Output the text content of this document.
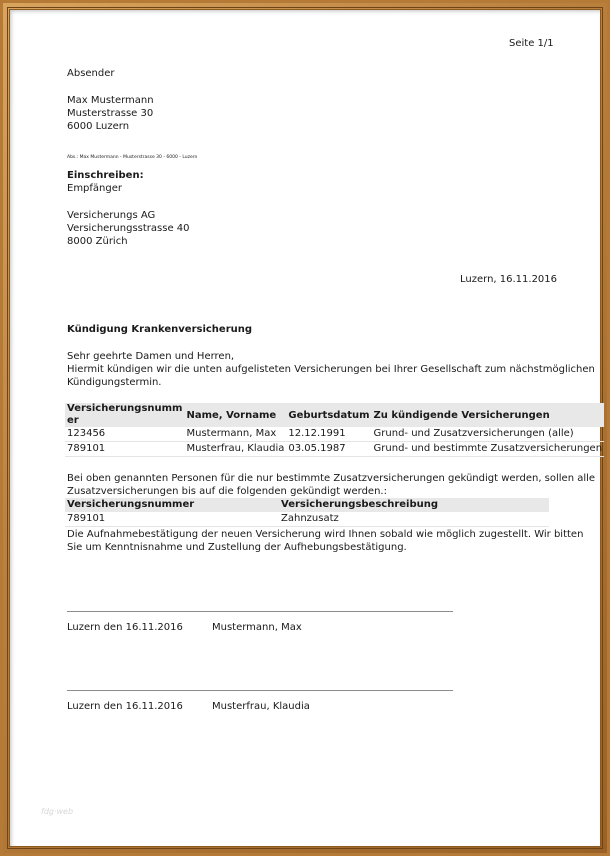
Seite 1/1
Absender
Max Mustermann
Musterstrasse 30
6000 Luzern
Abs.: Max Mustermann - Musterstrasse 30 - 6000 - Luzern
Einschreiben:
Empfänger
Versicherungs AG
Versicherungsstrasse 40
8000 Zürich
Luzern, 16.11.2016
Kündigung Krankenversicherung
Sehr geehrte Damen und Herren,
Hiermit kündigen wir die unten aufgelisteten Versicherungen bei Ihrer Gesellschaft zum nächstmöglichen
Kündigungstermin.
Versicherungsnumm
er	Name, Vorname	Geburtsdatum	Zu kündigende Versicherungen
123456	Mustermann, Max	12.12.1991	Grund- und Zusatzversicherungen (alle)
789101	Musterfrau, Klaudia	03.05.1987	Grund- und bestimmte Zusatzversicherungen
Bei oben genannten Personen für die nur bestimmte Zusatzversicherungen gekündigt werden, sollen alle
Zusatzversicherungen bis auf die folgenden gekündigt werden.:
Versicherungsnummer	Versicherungsbeschreibung
789101	Zahnzusatz
Die Aufnahmebestätigung der neuen Versicherung wird Ihnen sobald wie möglich zugestellt. Wir bitten
Sie um Kenntnisnahme und Zustellung der Aufhebungsbestätigung.
Luzern den 16.11.2016	Mustermann, Max
Luzern den 16.11.2016	Musterfrau, Klaudia
fdg·web
